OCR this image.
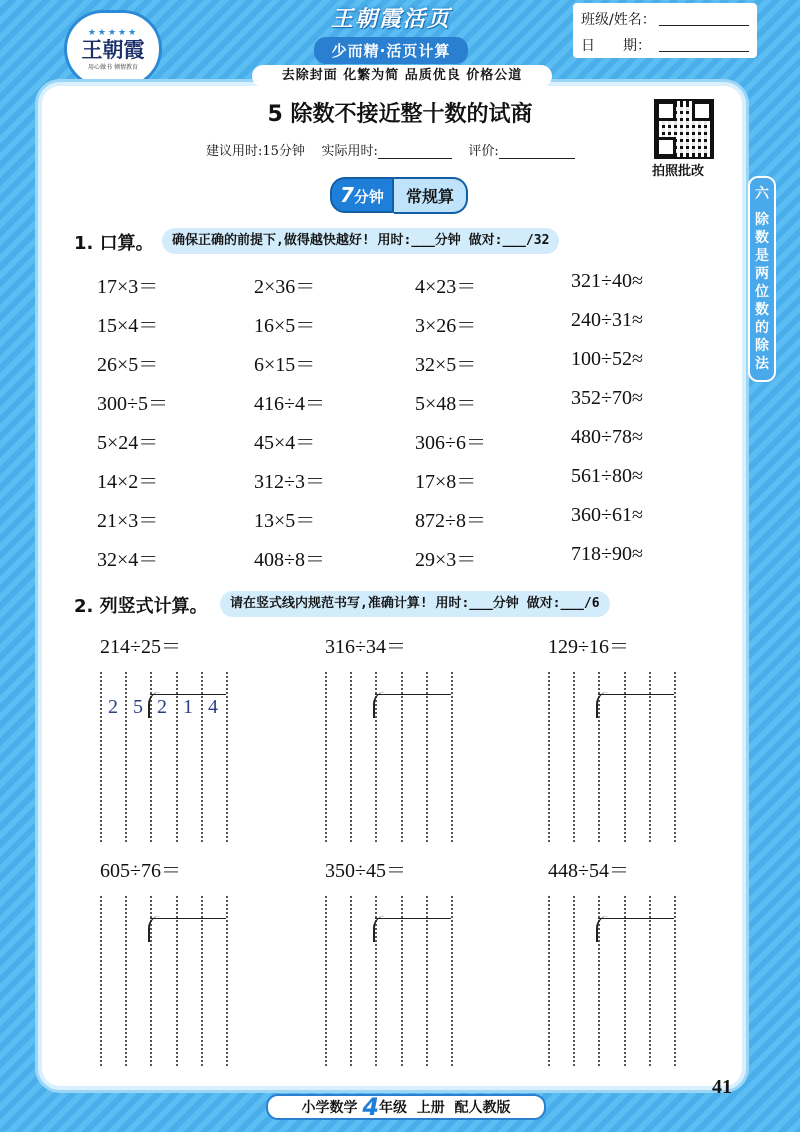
★★★★★
王朝霞
用心做书 倾情教育
王朝霞活页
少而精·活页计算
班级/姓名：
日　　期：
去除封面 化繁为简 品质优良 价格公道
5 除数不接近整十数的试商
建议用时:15分钟 实际用时:	评价:
拍照批改
六
除
数
是
两
位
数
的
除
法
7分钟	常规算
1. 口算。	确保正确的前提下,做得越快越好! 用时:___分钟 做对:___/32
17×3＝	2×36＝	4×23＝	321÷40≈
15×4＝	16×5＝	3×26＝	240÷31≈
26×5＝	6×15＝	32×5＝	100÷52≈
300÷5＝	416÷4＝	5×48＝	352÷70≈
5×24＝	45×4＝	306÷6＝	480÷78≈
14×2＝	312÷3＝	17×8＝	561÷80≈
21×3＝	13×5＝	872÷8＝	360÷61≈
32×4＝	408÷8＝	29×3＝	718÷90≈
2. 列竖式计算。	请在竖式线内规范书写,准确计算! 用时:___分钟 做对:___/6
214÷25＝
2 5 2 1 4
316÷34＝	129÷16＝
605÷76＝	350÷45＝	448÷54＝
小学数学 4年级 上册 配人教版
41
